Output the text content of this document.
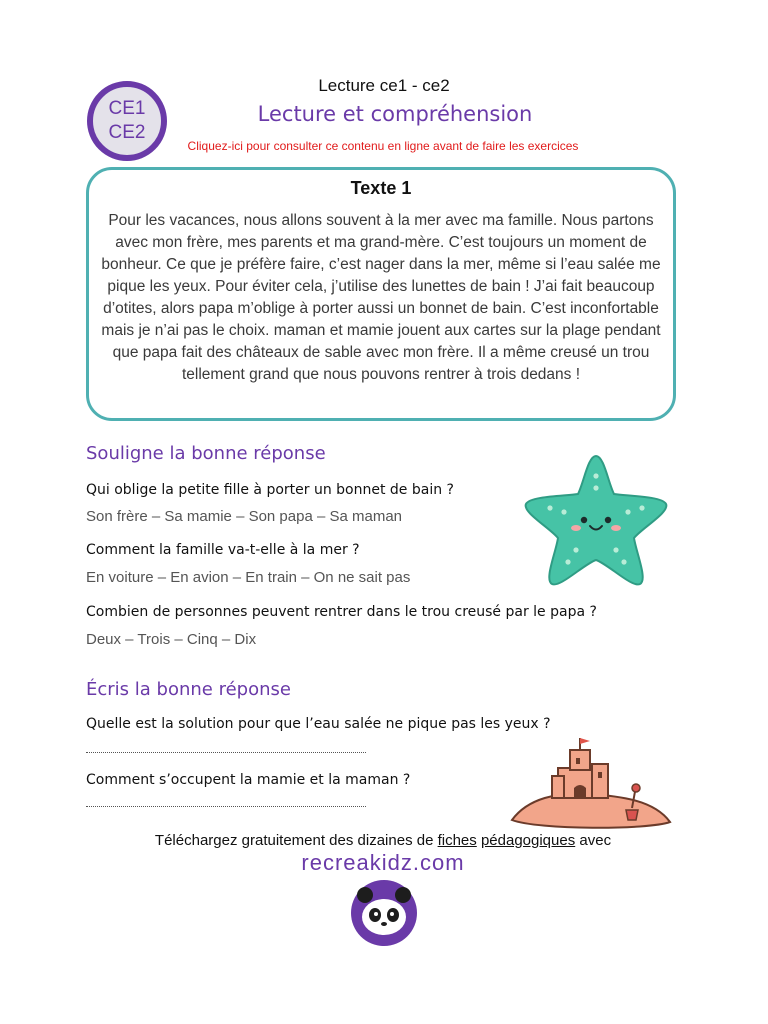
CE1
CE2
Lecture ce1 - ce2
Lecture et compréhension
Cliquez-ici pour consulter ce contenu en ligne avant de faire les exercices
Texte 1
Pour les vacances, nous allons souvent à la mer avec ma famille. Nous partons avec mon frère, mes parents et ma grand-mère. C’est toujours un moment de bonheur. Ce que je préfère faire, c’est nager dans la mer, même si l’eau salée me pique les yeux. Pour éviter cela, j’utilise des lunettes de bain ! J’ai fait beaucoup d’otites, alors papa m’oblige à porter aussi un bonnet de bain. C’est inconfortable mais je n’ai pas le choix. maman et mamie jouent aux cartes sur la plage pendant que papa fait des châteaux de sable avec mon frère. Il a même creusé un trou tellement grand que nous pouvons rentrer à trois dedans !
Souligne la bonne réponse
Qui oblige la petite fille à porter un bonnet de bain ?
Son frère – Sa mamie – Son papa – Sa maman
Comment la famille va-t-elle à la mer ?
En voiture – En avion – En train – On ne sait pas
Combien de personnes peuvent rentrer dans le trou creusé par le papa ?
Deux – Trois – Cinq – Dix
Écris la bonne réponse
Quelle est la solution pour que l’eau salée ne pique pas les yeux ?
Comment s’occupent la mamie et la maman ?
Téléchargez gratuitement des dizaines de fiches pédagogiques avec
recreakidz.com
